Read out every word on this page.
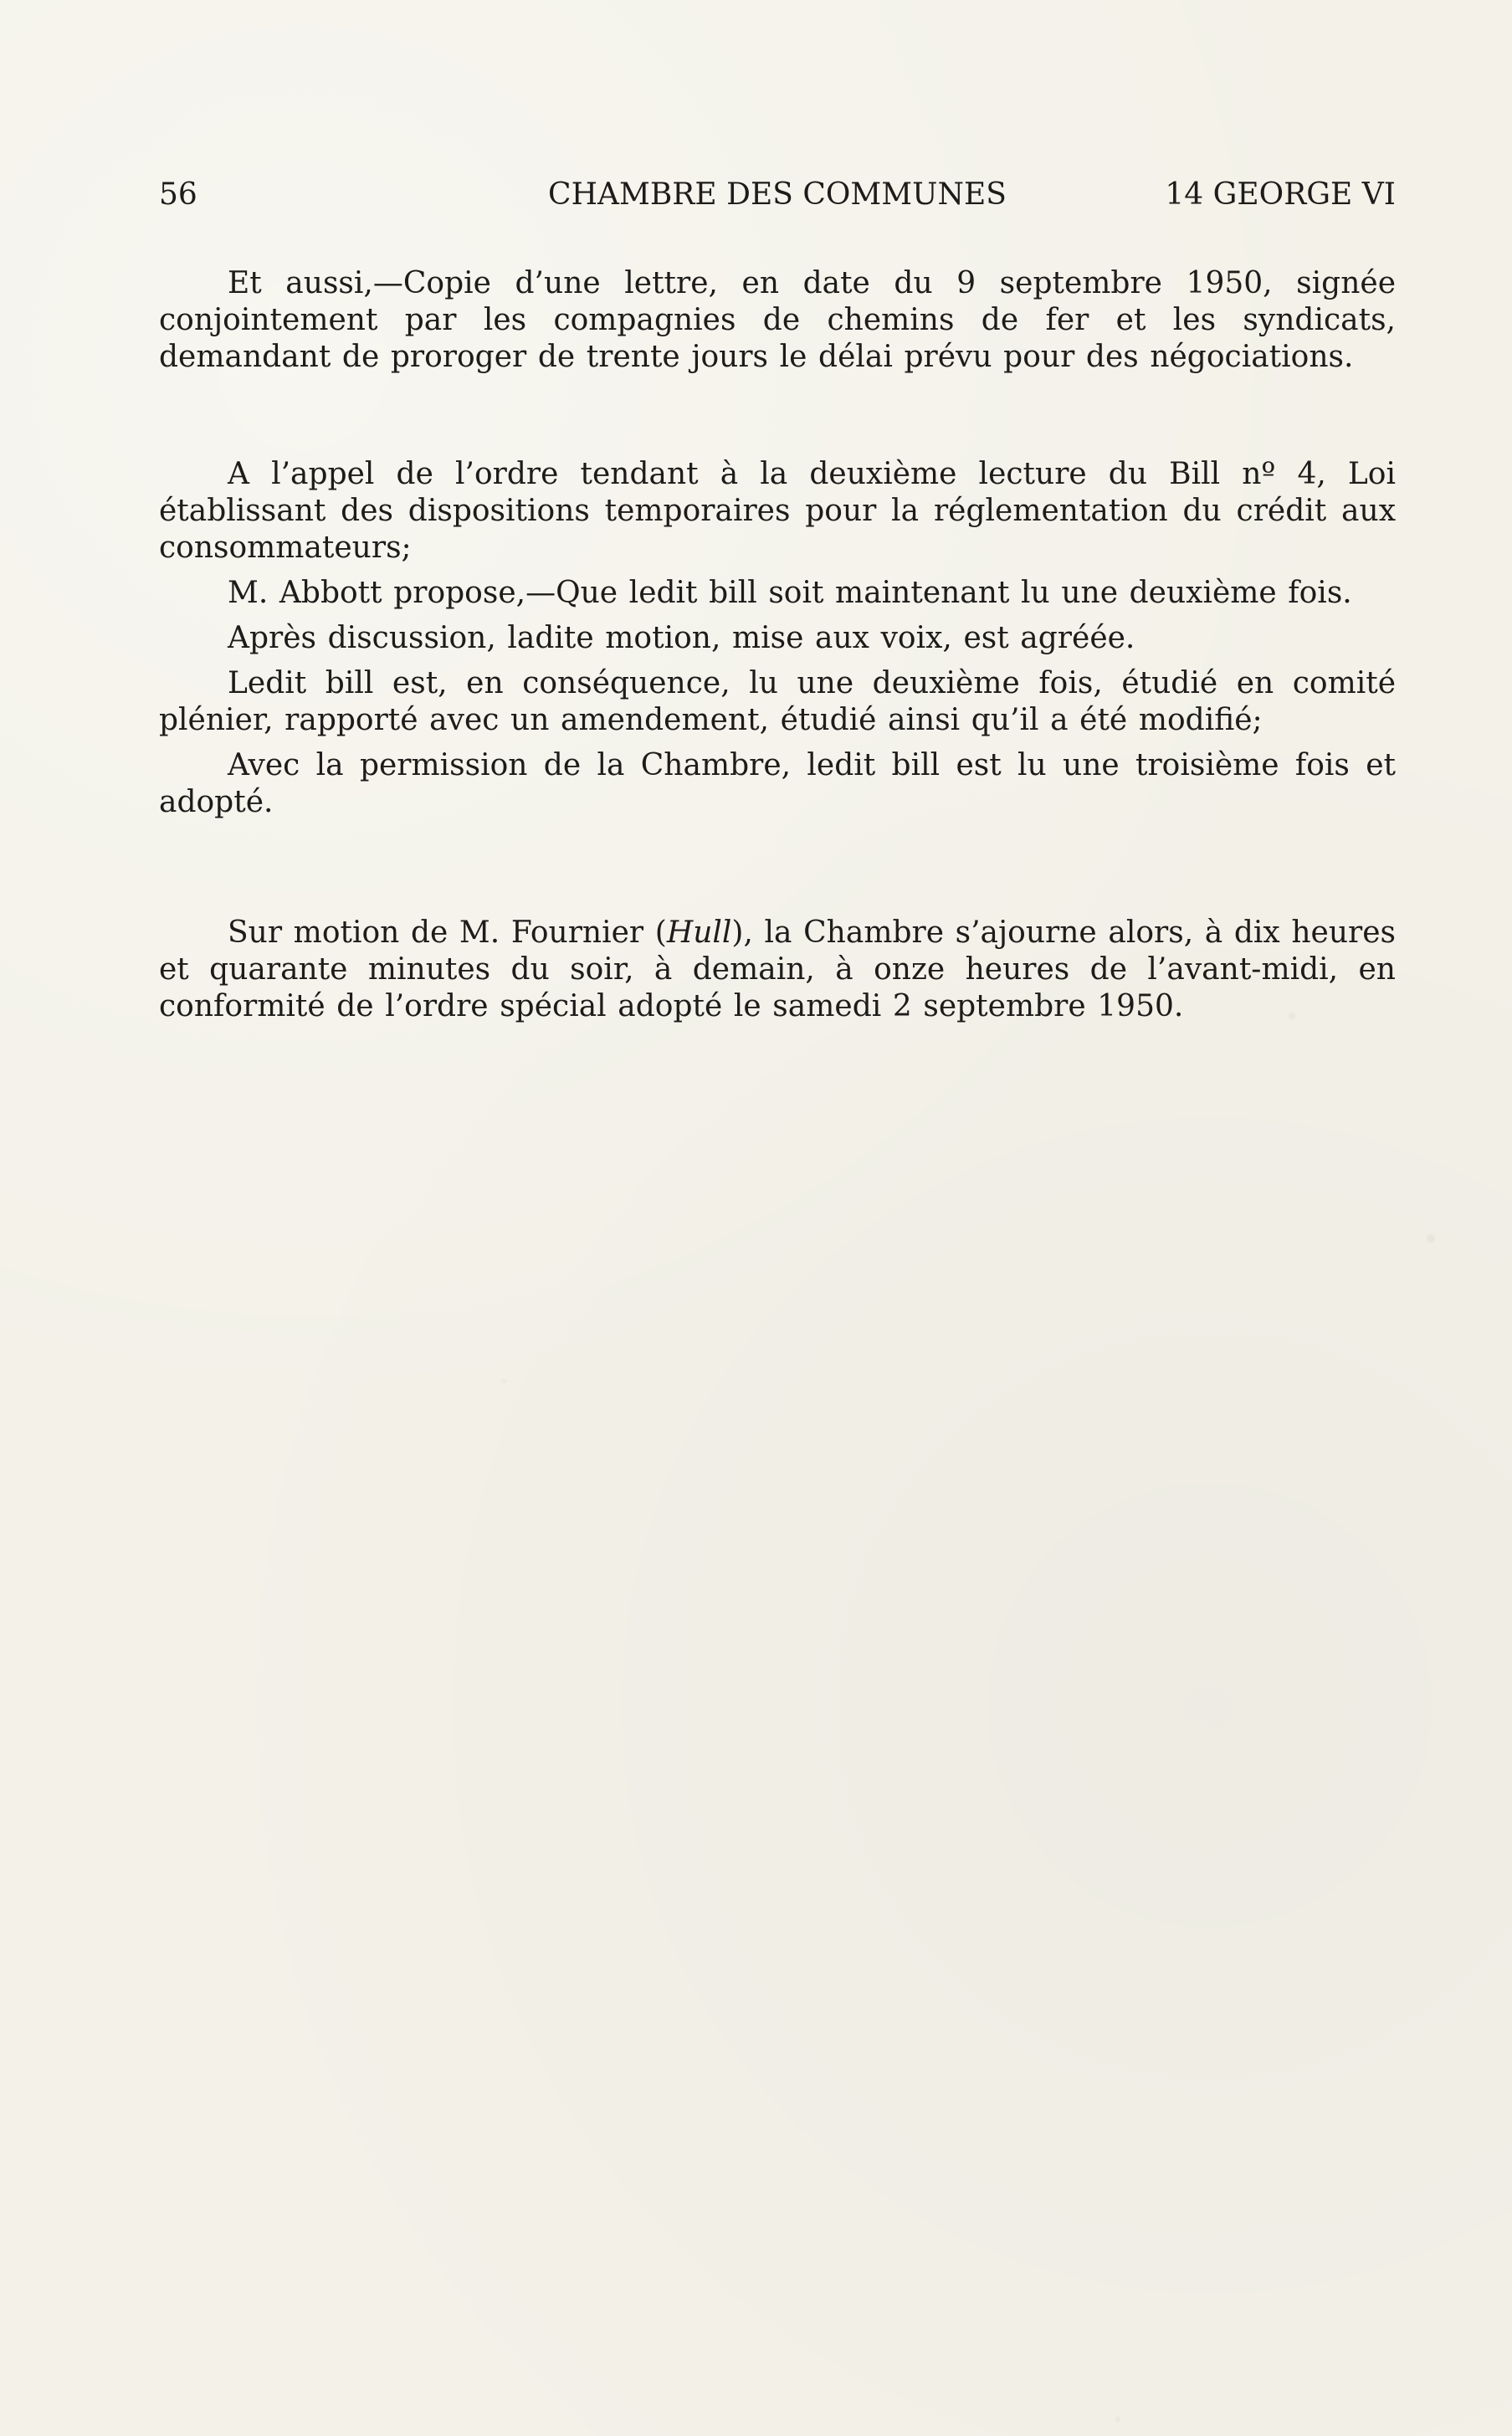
56	CHAMBRE DES COMMUNES	14 GEORGE VI

Et aussi,—Copie d’une lettre, en date du 9 septembre 1950, signée conjointement par les compagnies de chemins de fer et les syndicats, demandant de proroger de trente jours le délai prévu pour des négociations.

A l’appel de l’ordre tendant à la deuxième lecture du Bill nº 4, Loi établissant des dispositions temporaires pour la réglementation du crédit aux consommateurs;

M. Abbott propose,—Que ledit bill soit maintenant lu une deuxième fois.

Après discussion, ladite motion, mise aux voix, est agréée.

Ledit bill est, en conséquence, lu une deuxième fois, étudié en comité plénier, rapporté avec un amendement, étudié ainsi qu’il a été modifié;

Avec la permission de la Chambre, ledit bill est lu une troisième fois et adopté.

Sur motion de M. Fournier (Hull), la Chambre s’ajourne alors, à dix heures et quarante minutes du soir, à demain, à onze heures de l’avant-midi, en conformité de l’ordre spécial adopté le samedi 2 septembre 1950.
